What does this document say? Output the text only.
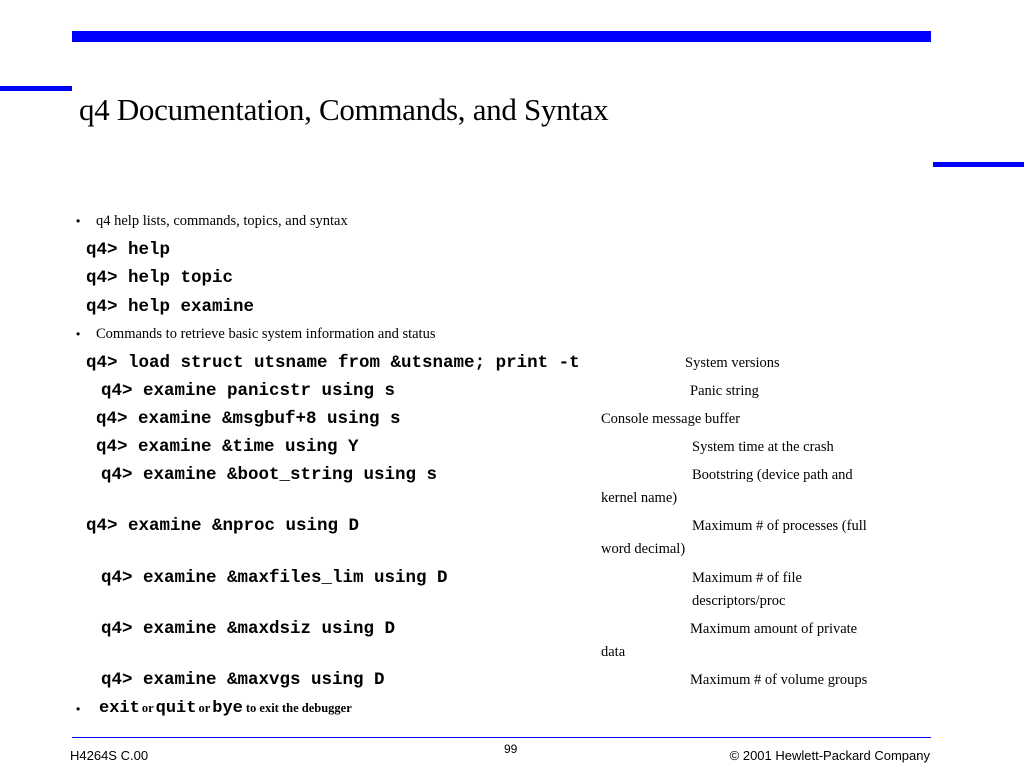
q4 Documentation, Commands, and Syntax
• q4 help lists, commands, topics, and syntax
q4> help
q4> help topic
q4> help examine
• Commands to retrieve basic system information and status
q4> load struct utsname from &utsname; print -t	System versions
q4> examine panicstr using s	Panic string
q4> examine &msgbuf+8 using s	Console message buffer
q4> examine &time using Y	System time at the crash
q4> examine &boot_string using s	Bootstring (device path and
kernel name)
q4> examine &nproc using D	Maximum # of processes (full
word decimal)
q4> examine &maxfiles_lim using D	Maximum # of file
descriptors/proc
q4> examine &maxdsiz using D	Maximum amount of private
data
q4> examine &maxvgs using D	Maximum # of volume groups
• exit or quit or bye to exit the debugger
H4264S C.00	99	© 2001 Hewlett-Packard Company
